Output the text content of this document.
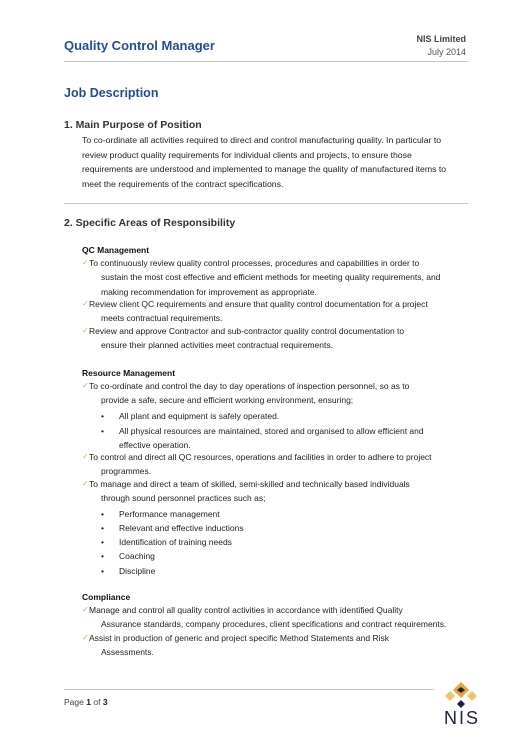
Quality Control Manager	NIS Limited
July 2014
Job Description
1. Main Purpose of Position
To co-ordinate all activities required to direct and control manufacturing quality. In particular to
review product quality requirements for individual clients and projects, to ensure those
requirements are understood and implemented to manage the quality of manufactured items to
meet the requirements of the contract specifications.
2. Specific Areas of Responsibility
QC Management
✓ To continuously review quality control processes, procedures and capabilities in order to
sustain the most cost effective and efficient methods for meeting quality requirements, and
making recommendation for improvement as appropriate.
✓ Review client QC requirements and ensure that quality control documentation for a project
meets contractual requirements.
✓ Review and approve Contractor and sub-contractor quality control documentation to
ensure their planned activities meet contractual requirements.
Resource Management
✓ To co-ordinate and control the day to day operations of inspection personnel, so as to
provide a safe, secure and efficient working environment, ensuring;
•	All plant and equipment is safely operated.
•	All physical resources are maintained, stored and organised to allow efficient and
effective operation.
✓ To control and direct all QC resources, operations and facilities in order to adhere to project
programmes.
✓ To manage and direct a team of skilled, semi-skilled and technically based individuals
through sound personnel practices such as;
•	Performance management
•	Relevant and effective inductions
•	Identification of training needs
•	Coaching
•	Discipline
Compliance
✓ Manage and control all quality control activities in accordance with identified Quality
Assurance standards, company procedures, client specifications and contract requirements.
✓ Assist in production of generic and project specific Method Statements and Risk
Assessments.
Page 1 of 3
NIS
